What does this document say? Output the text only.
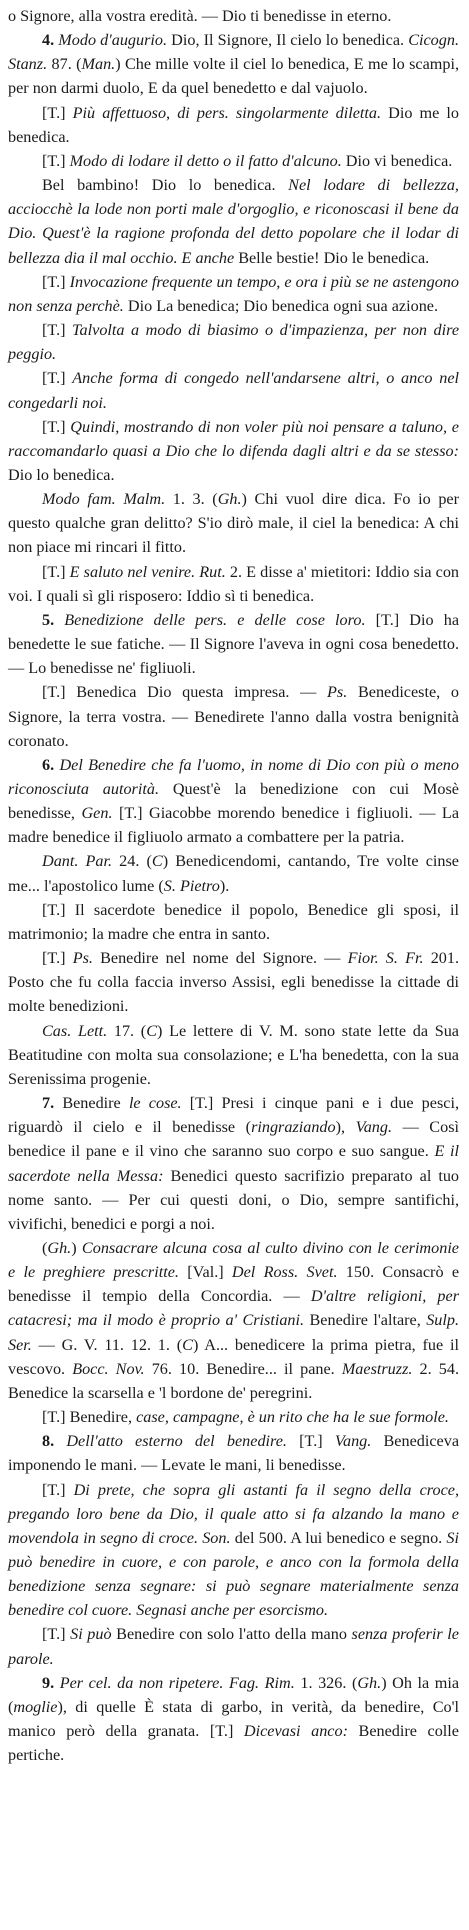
o Signore, alla vostra eredità. — Dio ti benedisse in eterno.

4. Modo d'augurio. Dio, Il Signore, Il cielo lo benedica. Cicogn. Stanz. 87. (Man.) Che mille volte il ciel lo benedica, E me lo scampi, per non darmi duolo, E da quel benedetto e dal vajuolo.

[T.] Più affettuoso, di pers. singolarmente diletta. Dio me lo benedica.

[T.] Modo di lodare il detto o il fatto d'alcuno. Dio vi benedica.

Bel bambino! Dio lo benedica. Nel lodare di bellezza, acciocchè la lode non porti male d'orgoglio, e riconoscasi il bene da Dio. Quest'è la ragione profonda del detto popolare che il lodar di bellezza dia il mal occhio. E anche Belle bestie! Dio le benedica.

[T.] Invocazione frequente un tempo, e ora i più se ne astengono non senza perchè. Dio La benedica; Dio benedica ogni sua azione.

[T.] Talvolta a modo di biasimo o d'impazienza, per non dire peggio.

[T.] Anche forma di congedo nell'andarsene altri, o anco nel congedarli noi.

[T.] Quindi, mostrando di non voler più noi pensare a taluno, e raccomandarlo quasi a Dio che lo difenda dagli altri e da se stesso: Dio lo benedica.

Modo fam. Malm. 1. 3. (Gh.) Chi vuol dire dica. Fo io per questo qualche gran delitto? S'io dirò male, il ciel la benedica: A chi non piace mi rincari il fitto.

[T.] E saluto nel venire. Rut. 2. E disse a' mietitori: Iddio sia con voi. I quali sì gli risposero: Iddio sì ti benedica.

5. Benedizione delle pers. e delle cose loro. [T.] Dio ha benedette le sue fatiche. — Il Signore l'aveva in ogni cosa benedetto. — Lo benedisse ne' figliuoli.

[T.] Benedica Dio questa impresa. — Ps. Benediceste, o Signore, la terra vostra. — Benedirete l'anno dalla vostra benignità coronato.

6. Del Benedire che fa l'uomo, in nome di Dio con più o meno riconosciuta autorità. Quest'è la benedizione con cui Mosè benedisse, Gen. [T.] Giacobbe morendo benedice i figliuoli. — La madre benedice il figliuolo armato a combattere per la patria.

Dant. Par. 24. (C) Benedicendomi, cantando, Tre volte cinse me... l'apostolico lume (S. Pietro).

[T.] Il sacerdote benedice il popolo, Benedice gli sposi, il matrimonio; la madre che entra in santo.

[T.] Ps. Benedire nel nome del Signore. — Fior. S. Fr. 201. Posto che fu colla faccia inverso Assisi, egli benedisse la cittade di molte benedizioni.

Cas. Lett. 17. (C) Le lettere di V. M. sono state lette da Sua Beatitudine con molta sua consolazione; e L'ha benedetta, con la sua Serenissima progenie.

7. Benedire le cose. [T.] Presi i cinque pani e i due pesci, riguardò il cielo e il benedisse (ringraziando), Vang. — Così benedice il pane e il vino che saranno suo corpo e suo sangue. E il sacerdote nella Messa: Benedici questo sacrifizio preparato al tuo nome santo. — Per cui questi doni, o Dio, sempre santifichi, vivifichi, benedici e porgi a noi.

(Gh.) Consacrare alcuna cosa al culto divino con le cerimonie e le preghiere prescritte. [Val.] Del Ross. Svet. 150. Consacrò e benedisse il tempio della Concordia. — D'altre religioni, per catacresi; ma il modo è proprio a' Cristiani. Benedire l'altare, Sulp. Ser. — G. V. 11. 12. 1. (C) A... benedicere la prima pietra, fue il vescovo. Bocc. Nov. 76. 10. Benedire... il pane. Maestruzz. 2. 54. Benedice la scarsella e 'l bordone de' peregrini.

[T.] Benedire, case, campagne, è un rito che ha le sue formole.

8. Dell'atto esterno del benedire. [T.] Vang. Benediceva imponendo le mani. — Levate le mani, li benedisse.

[T.] Di prete, che sopra gli astanti fa il segno della croce, pregando loro bene da Dio, il quale atto si fa alzando la mano e movendola in segno di croce. Son. del 500. A lui benedico e segno. Si può benedire in cuore, e con parole, e anco con la formola della benedizione senza segnare: si può segnare materialmente senza benedire col cuore. Segnasi anche per esorcismo.

[T.] Si può Benedire con solo l'atto della mano senza proferir le parole.

9. Per cel. da non ripetere. Fag. Rim. 1. 326. (Gh.) Oh la mia (moglie), di quelle È stata di garbo, in verità, da benedire, Co'l manico però della granata. [T.] Dicevasi anco: Benedire colle pertiche.
